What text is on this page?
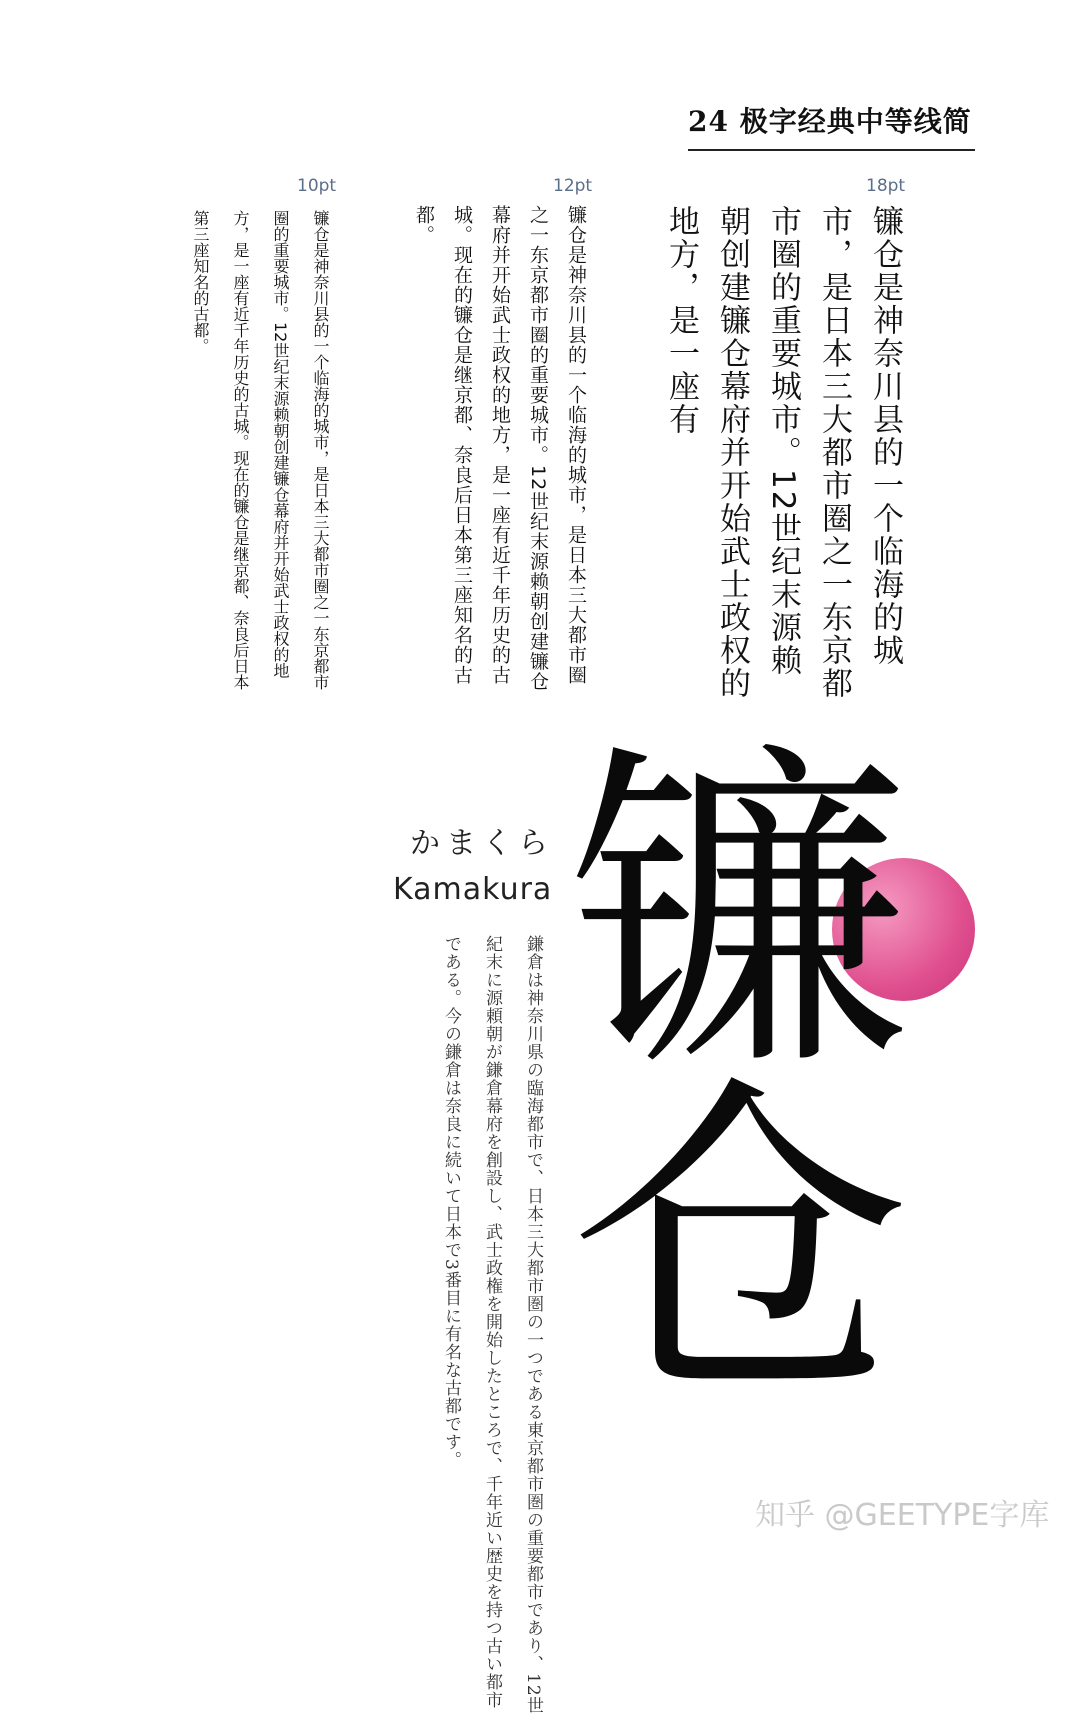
24 极字经典中等线简
18pt
12pt
10pt
镰仓是神奈川县的一个临海的城市，是日本三大都市圈之一东京都市圈的重要城市。12世纪末源赖朝创建镰仓幕府并开始武士政权的地方，是一座有
镰仓是神奈川县的一个临海的城市，是日本三大都市圈之一东京都市圈的重要城市。12世纪末源赖朝创建镰仓幕府并开始武士政权的地方，是一座有近千年历史的古城。现在的镰仓是继京都、奈良后日本第三座知名的古都。
镰仓是神奈川县的一个临海的城市，是日本三大都市圈之一东京都市圈的重要城市。12世纪末源赖朝创建镰仓幕府并开始武士政权的地方，是一座有近千年历史的古城。现在的镰仓是继京都、奈良后日本第三座知名的古都。
镰
仓
かまくら
Kamakura
鎌倉は神奈川県の臨海都市で、日本三大都市圏の一つである東京都市圏の重要都市であり、12世紀末に源頼朝が鎌倉幕府を創設し、武士政権を開始したところで、千年近い歴史を持つ古い都市である。今の鎌倉は奈良に続いて日本で3番目に有名な古都です。
知乎 @GEETYPE字库
